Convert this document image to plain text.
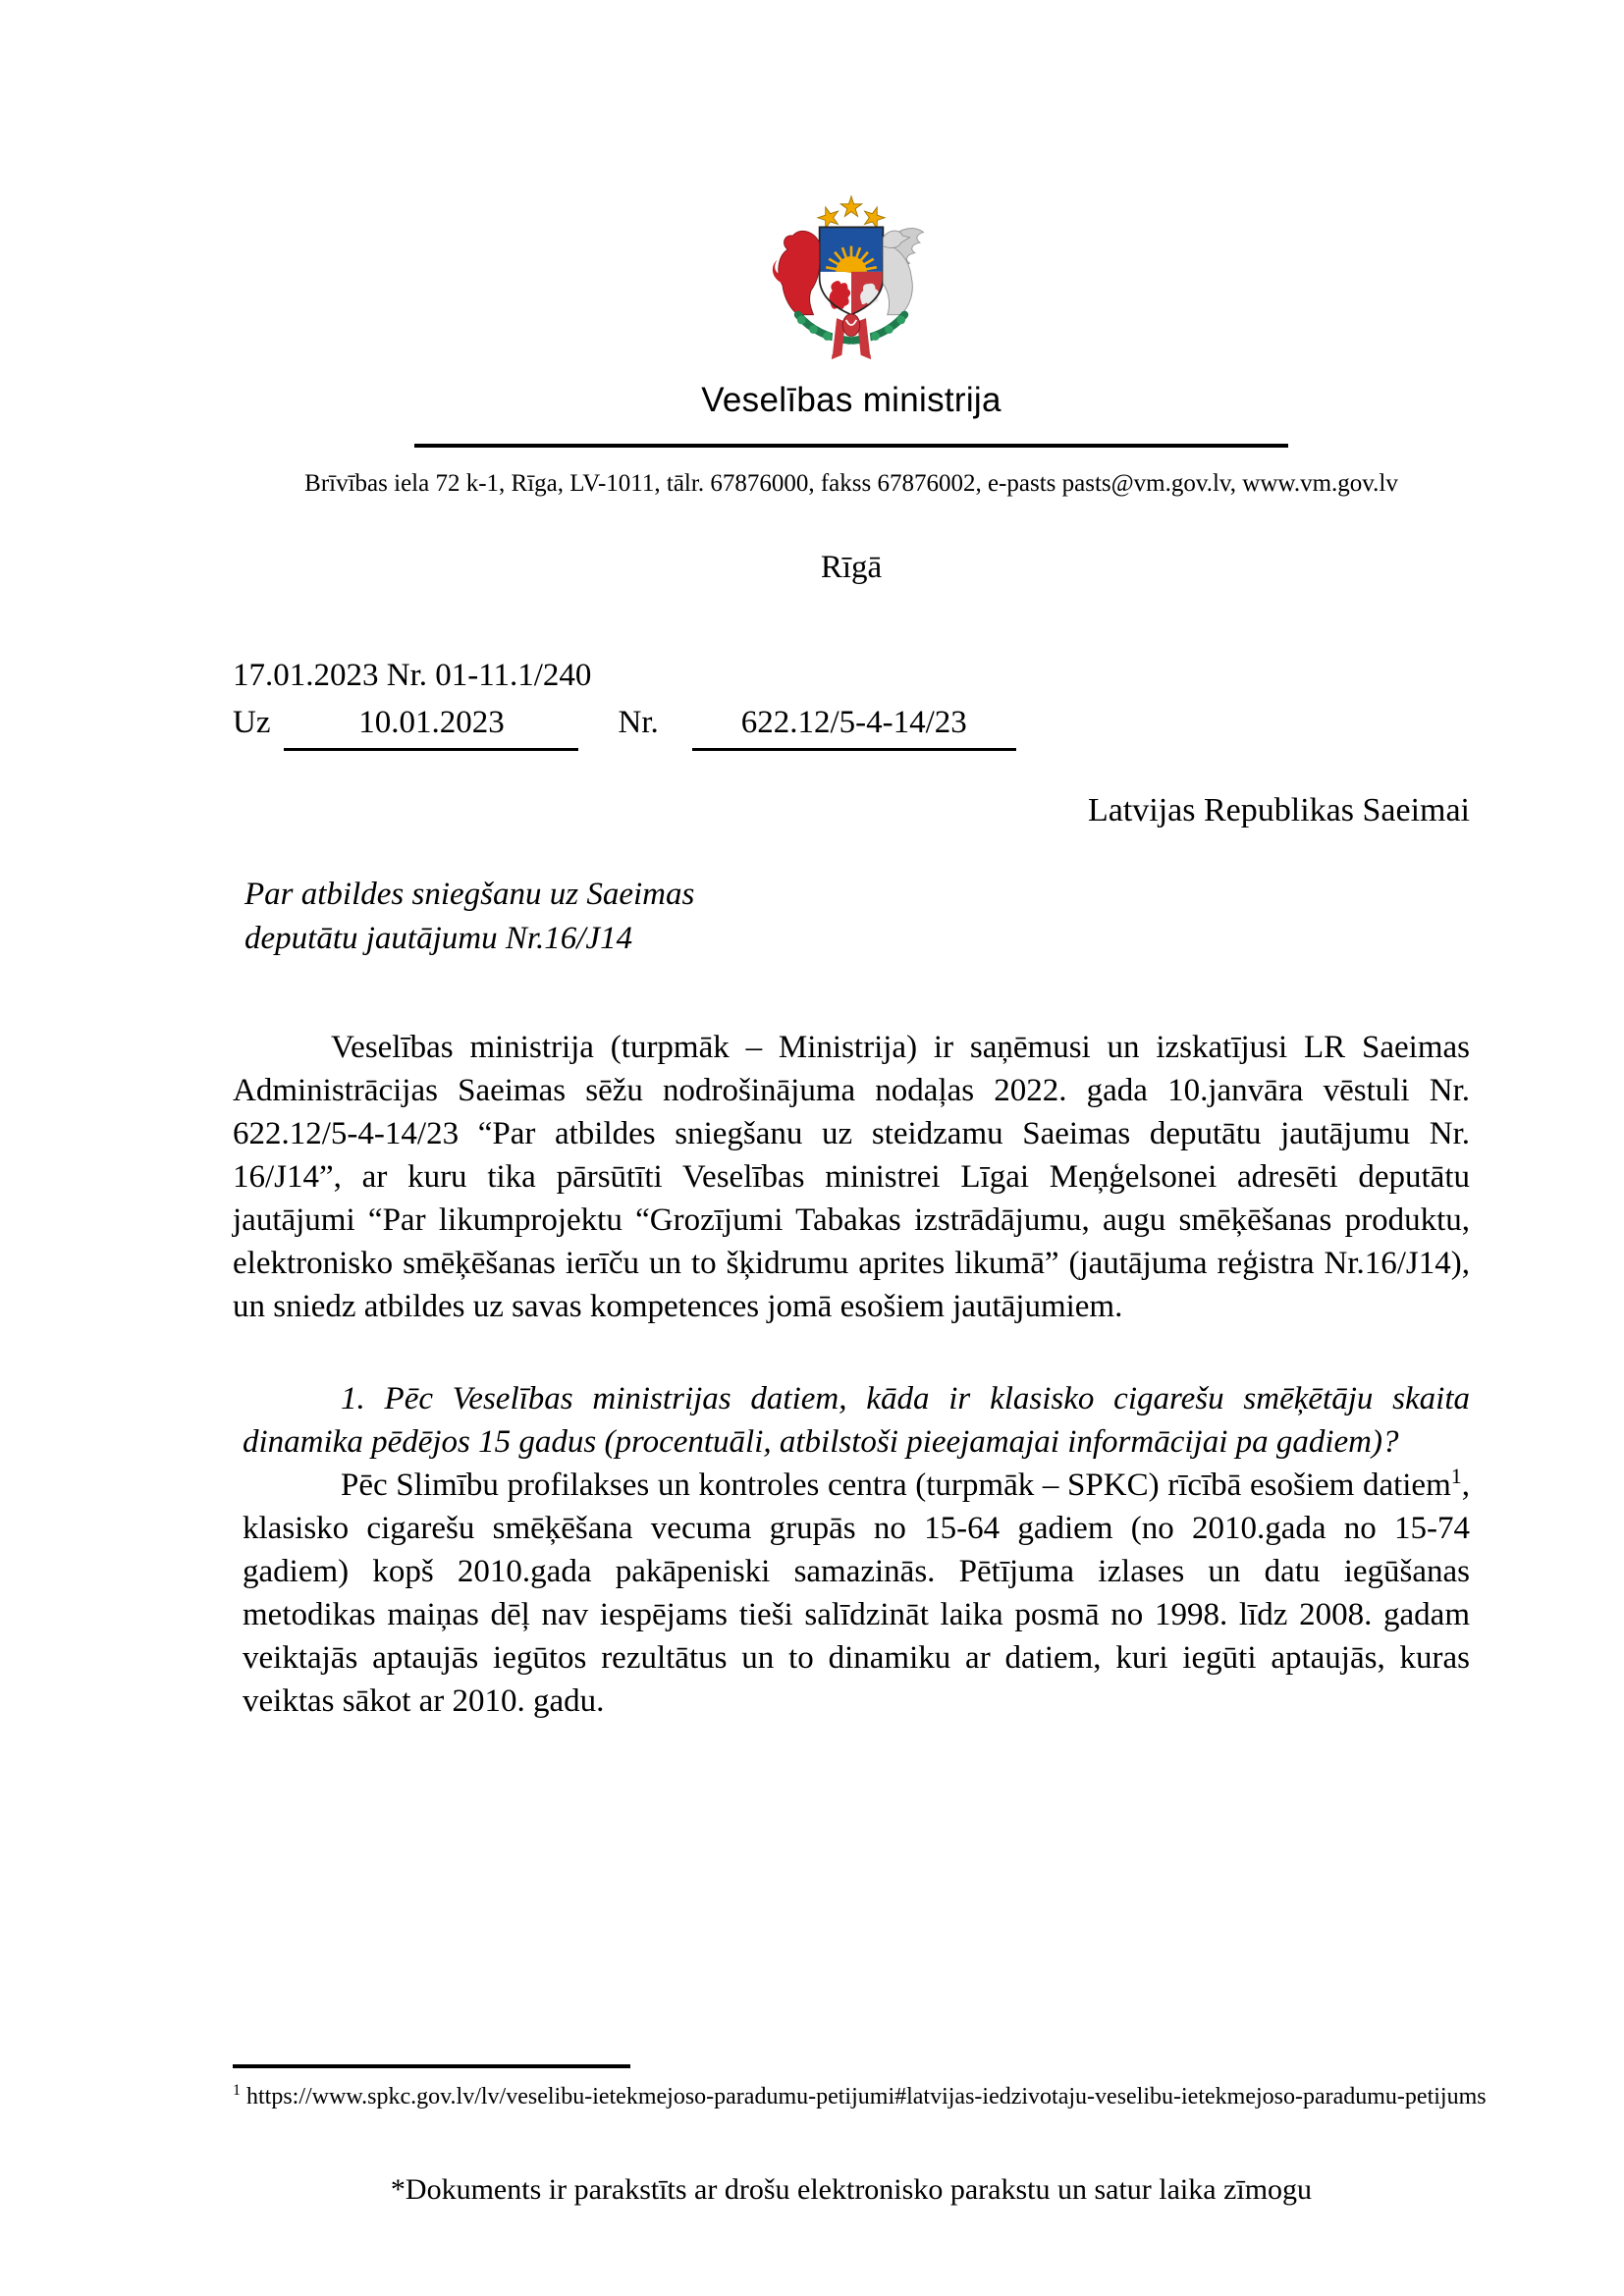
Veselības ministrija
Brīvības iela 72 k-1, Rīga, LV-1011, tālr. 67876000, fakss 67876002, e-pasts pasts@vm.gov.lv, www.vm.gov.lv
Rīgā
17.01.2023 Nr. 01-11.1/240
Uz	10.01.2023	Nr.	622.12/5-4-14/23
Latvijas Republikas Saeimai
Par atbildes sniegšanu uz Saeimas
deputātu jautājumu Nr.16/J14

Veselības ministrija (turpmāk – Ministrija) ir saņēmusi un izskatījusi LR Saeimas Administrācijas Saeimas sēžu nodrošinājuma nodaļas 2022. gada 10.janvāra vēstuli Nr. 622.12/5-4-14/23 “Par atbildes sniegšanu uz steidzamu Saeimas deputātu jautājumu Nr. 16/J14”, ar kuru tika pārsūtīti Veselības ministrei Līgai Meņģelsonei adresēti deputātu jautājumi “Par likumprojektu “Grozījumi Tabakas izstrādājumu, augu smēķēšanas produktu, elektronisko smēķēšanas ierīču un to šķidrumu aprites likumā” (jautājuma reģistra Nr.16/J14), un sniedz atbildes uz savas kompetences jomā esošiem jautājumiem.

1. Pēc Veselības ministrijas datiem, kāda ir klasisko cigarešu smēķētāju skaita dinamika pēdējos 15 gadus (procentuāli, atbilstoši pieejamajai informācijai pa gadiem)?

Pēc Slimību profilakses un kontroles centra (turpmāk – SPKC) rīcībā esošiem datiem$^1$, klasisko cigarešu smēķēšana vecuma grupās no 15-64 gadiem (no 2010.gada no 15-74 gadiem) kopš 2010.gada pakāpeniski samazinās. Pētījuma izlases un datu iegūšanas metodikas maiņas dēļ nav iespējams tieši salīdzināt laika posmā no 1998. līdz 2008. gadam veiktajās aptaujās iegūtos rezultātus un to dinamiku ar datiem, kuri iegūti aptaujās, kuras veiktas sākot ar 2010. gadu.

$^1$ https://www.spkc.gov.lv/lv/veselibu-ietekmejoso-paradumu-petijumi#latvijas-iedzivotaju-veselibu-ietekmejoso-paradumu-petijums
*Dokuments ir parakstīts ar drošu elektronisko parakstu un satur laika zīmogu
